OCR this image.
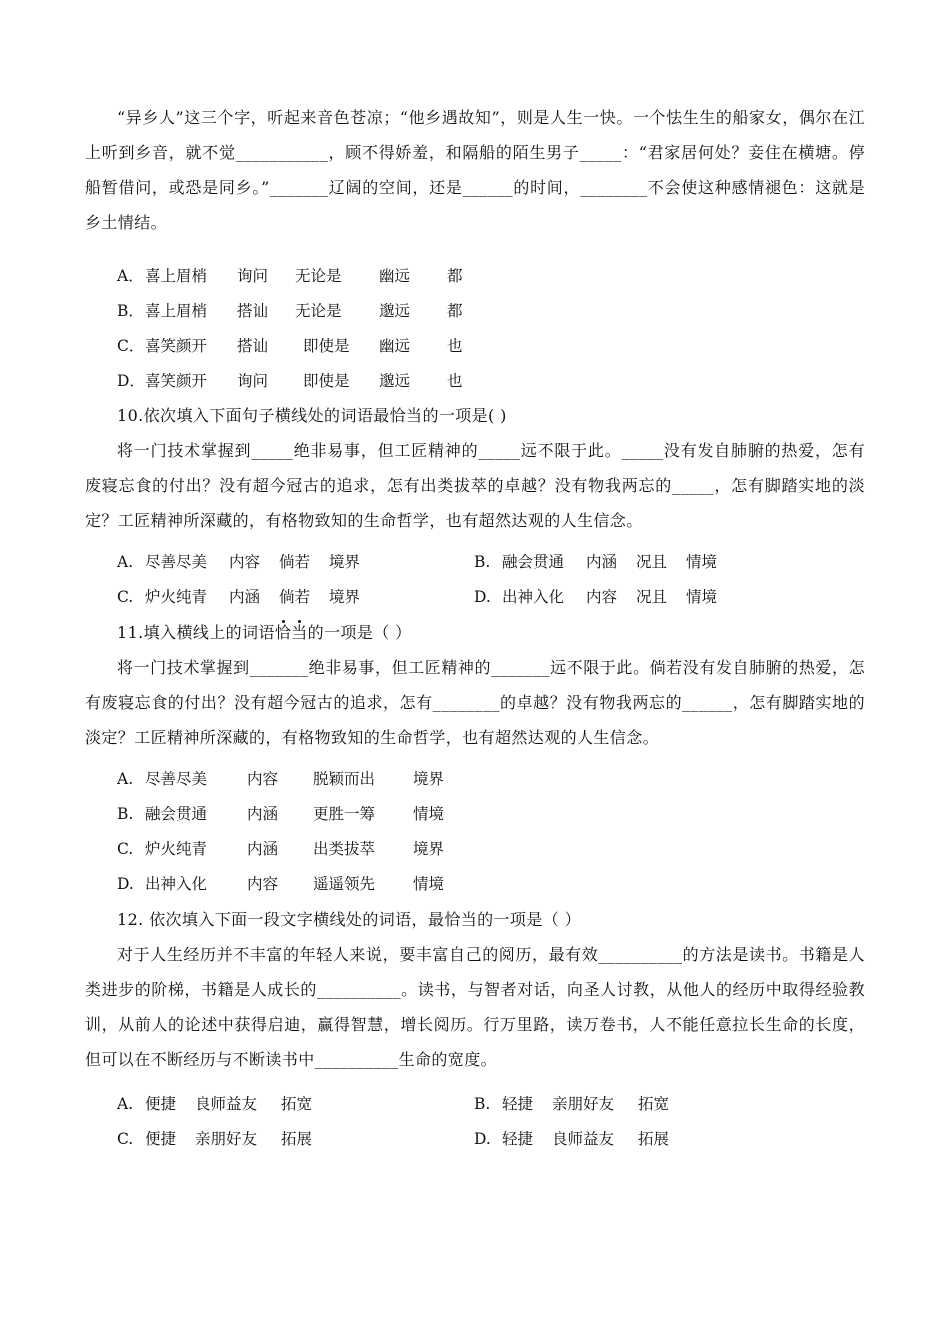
“异乡人”这三个字，听起来音色苍凉；“他乡遇故知”，则是人生一快。一个怯生生的船家女，偶尔在江上听到乡音，就不觉___________，顾不得娇羞，和隔船的陌生男子_____：“君家居何处？妾住在横塘。停船暂借问，或恐是同乡。”_______辽阔的空间，还是______的时间，________不会使这种感情褪色：这就是乡土情结。

A．喜上眉梢 询问 无论是 幽远 都
B．喜上眉梢 搭讪 无论是 邈远 都
C．喜笑颜开 搭讪 即使是 幽远 也
D．喜笑颜开 询问 即使是 邈远 也
10.依次填入下面句子横线处的词语最恰当的一项是( )

将一门技术掌握到_____绝非易事，但工匠精神的_____远不限于此。_____没有发自肺腑的热爱，怎有废寝忘食的付出？没有超今冠古的追求，怎有出类拔萃的卓越？没有物我两忘的_____，怎有脚踏实地的淡定？工匠精神所深藏的，有格物致知的生命哲学，也有超然达观的人生信念。

A. 尽善尽美 内容 倘若 境界	B. 融会贯通 内涵 况且 情境
C. 炉火纯青 内涵 倘若 境界	D. 出神入化 内容 况且 情境
11.填入横线上的词语恰当的一项是（ ）

将一门技术掌握到_______绝非易事，但工匠精神的_______远不限于此。倘若没有发自肺腑的热爱，怎有废寝忘食的付出？没有超今冠古的追求，怎有________的卓越？没有物我两忘的______，怎有脚踏实地的淡定？工匠精神所深藏的，有格物致知的生命哲学，也有超然达观的人生信念。

A. 尽善尽美	内容 脱颖而出 境界
B. 融会贯通	内涵 更胜一筹 情境
C. 炉火纯青	内涵 出类拔萃 境界
D. 出神入化	内容 遥遥领先 情境
12. 依次填入下面一段文字横线处的词语，最恰当的一项是（ ）

对于人生经历并不丰富的年轻人来说，要丰富自己的阅历，最有效__________的方法是读书。书籍是人类进步的阶梯，书籍是人成长的__________。读书，与智者对话，向圣人讨教，从他人的经历中取得经验教训，从前人的论述中获得启迪，赢得智慧，增长阅历。行万里路，读万卷书，人不能任意拉长生命的长度，但可以在不断经历与不断读书中__________生命的宽度。

A. 便捷 良师益友 拓宽	B. 轻捷 亲朋好友 拓宽
C. 便捷 亲朋好友 拓展	D. 轻捷 良师益友 拓展
